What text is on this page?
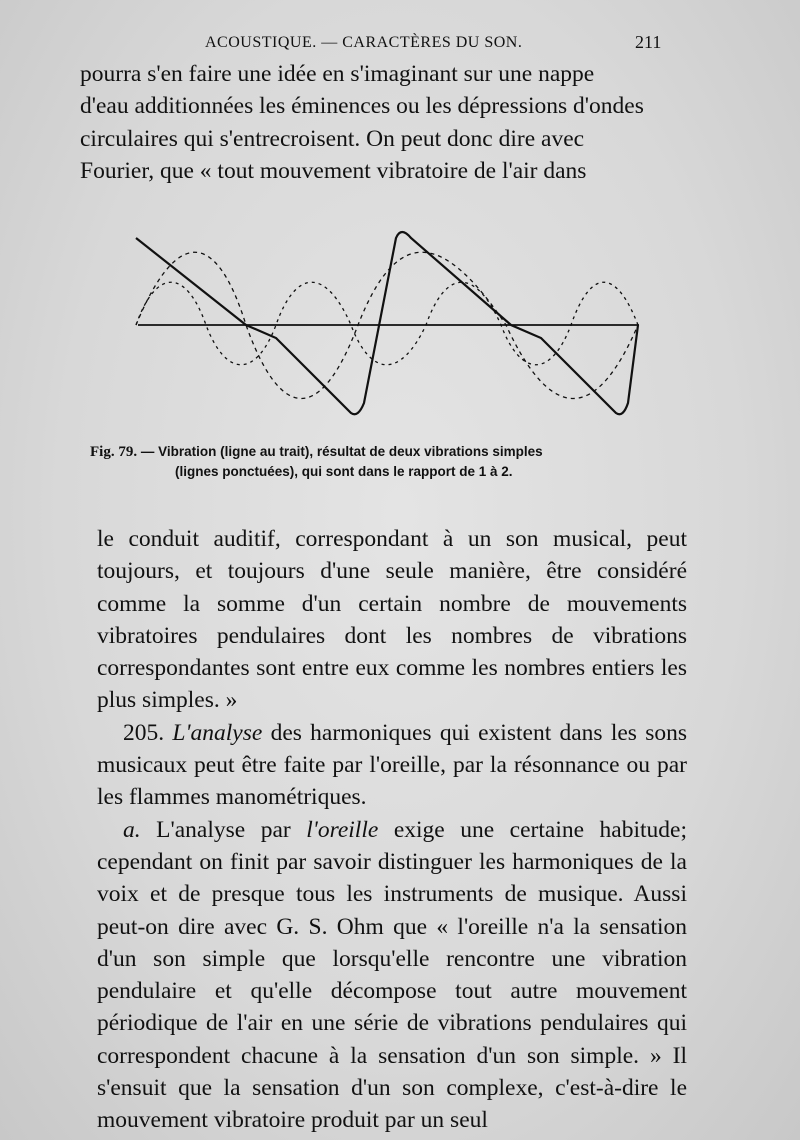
ACOUSTIQUE. — CARACTÈRES DU SON.	211
pourra s'en faire une idée en s'imaginant sur une nappe
d'eau additionnées les éminences ou les dépressions d'ondes
circulaires qui s'entrecroisent. On peut donc dire avec
Fourier, que « tout mouvement vibratoire de l'air dans
Fig. 79. — Vibration (ligne au trait), résultat de deux vibrations simples
(lignes ponctuées), qui sont dans le rapport de 1 à 2.

le conduit auditif, correspondant à un son musical, peut toujours, et toujours d'une seule manière, être considéré comme la somme d'un certain nombre de mouvements vibratoires pendulaires dont les nombres de vibrations correspondantes sont entre eux comme les nombres entiers les plus simples. »

205. L'analyse des harmoniques qui existent dans les sons musicaux peut être faite par l'oreille, par la résonnance ou par les flammes manométriques.

a. L'analyse par l'oreille exige une certaine habitude; cependant on finit par savoir distinguer les harmoniques de la voix et de presque tous les instruments de musique. Aussi peut-on dire avec G. S. Ohm que « l'oreille n'a la sensation d'un son simple que lorsqu'elle rencontre une vibration pendulaire et qu'elle décompose tout autre mouvement périodique de l'air en une série de vibrations pendulaires qui correspondent chacune à la sensation d'un son simple. » Il s'ensuit que la sensation d'un son complexe, c'est-à-dire le mouvement vibratoire produit par un seul
